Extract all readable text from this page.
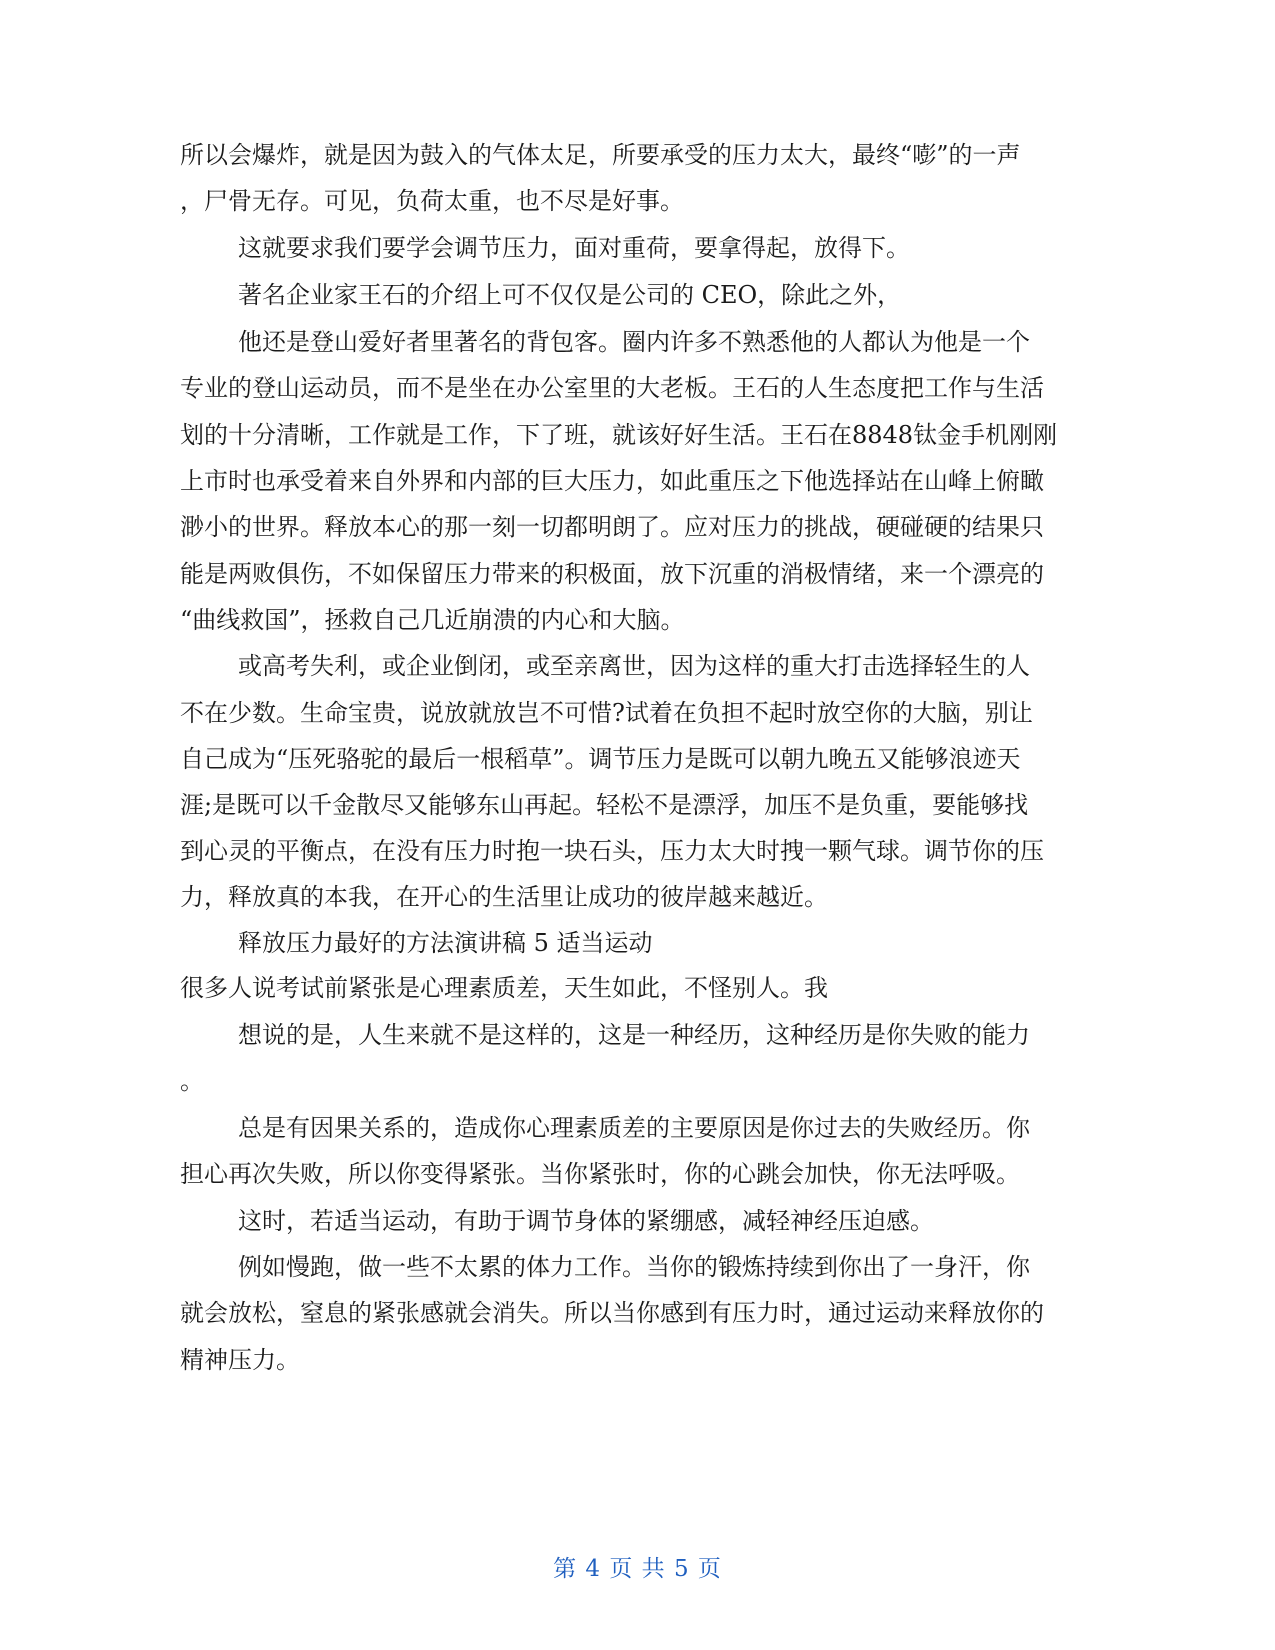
所以会爆炸，就是因为鼓入的气体太足，所要承受的压力太大，最终“嘭”的一声
，尸骨无存。可见，负荷太重，也不尽是好事。
这就要求我们要学会调节压力，面对重荷，要拿得起，放得下。
著名企业家王石的介绍上可不仅仅是公司的 CEO，除此之外，
他还是登山爱好者里著名的背包客。圈内许多不熟悉他的人都认为他是一个
专业的登山运动员，而不是坐在办公室里的大老板。王石的人生态度把工作与生活
划的十分清晰，工作就是工作，下了班，就该好好生活。王石在8848钛金手机刚刚
上市时也承受着来自外界和内部的巨大压力，如此重压之下他选择站在山峰上俯瞰
渺小的世界。释放本心的那一刻一切都明朗了。应对压力的挑战，硬碰硬的结果只
能是两败俱伤，不如保留压力带来的积极面，放下沉重的消极情绪，来一个漂亮的
“曲线救国”，拯救自己几近崩溃的内心和大脑。
或高考失利，或企业倒闭，或至亲离世，因为这样的重大打击选择轻生的人
不在少数。生命宝贵，说放就放岂不可惜?试着在负担不起时放空你的大脑，别让
自己成为“压死骆驼的最后一根稻草”。调节压力是既可以朝九晚五又能够浪迹天
涯;是既可以千金散尽又能够东山再起。轻松不是漂浮，加压不是负重，要能够找
到心灵的平衡点，在没有压力时抱一块石头，压力太大时拽一颗气球。调节你的压
力，释放真的本我，在开心的生活里让成功的彼岸越来越近。
释放压力最好的方法演讲稿 5 适当运动
很多人说考试前紧张是心理素质差，天生如此，不怪别人。我
想说的是，人生来就不是这样的，这是一种经历，这种经历是你失败的能力
。
总是有因果关系的，造成你心理素质差的主要原因是你过去的失败经历。你
担心再次失败，所以你变得紧张。当你紧张时，你的心跳会加快，你无法呼吸。
这时，若适当运动，有助于调节身体的紧绷感，减轻神经压迫感。
例如慢跑，做一些不太累的体力工作。当你的锻炼持续到你出了一身汗，你
就会放松，窒息的紧张感就会消失。所以当你感到有压力时，通过运动来释放你的
精神压力。
第 4 页 共 5 页
